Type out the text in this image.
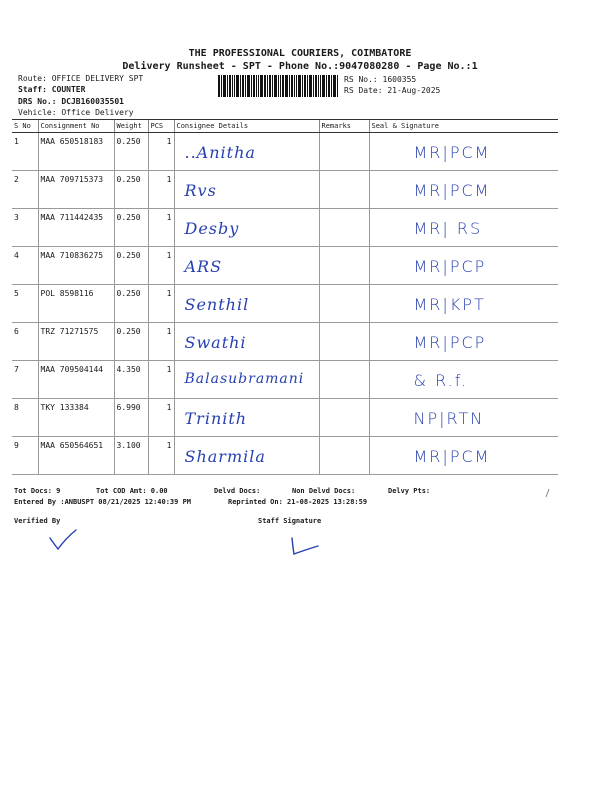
THE PROFESSIONAL COURIERS, COIMBATORE
Delivery Runsheet - SPT - Phone No.:9047080280 - Page No.:1
Route: OFFICE DELIVERY SPT
Staff: COUNTER
DRS No.: DCJB160035501
Vehicle: Office Delivery
RS No.: 1600355
RS Date: 21-Aug-2025
S No	Consignment No	Weight	PCS	Consignee Details	Remarks	Seal & Signature
1	MAA 650518183	0.250	1	..Anitha		MR|PCM

2	MAA 709715373	0.250	1	Rvs		MR|PCM

3	MAA 711442435	0.250	1	Desby		MR| RS

4	MAA 710836275	0.250	1	ARS		MR|PCP

5	POL 8598116	0.250	1	Senthil		MR|KPT

6	TRZ 71271575	0.250	1	Swathi		MR|PCP

7	MAA 709504144	4.350	1	Balasubramani		& R.f.

8	TKY 133384	6.990	1	Trinith		NP|RTN

9	MAA 650564651	3.100	1	Sharmila		MR|PCM
Tot Docs: 9	Tot COD Amt: 0.00	Delvd Docs:	Non Delvd Docs:	Delvy Pts:
Entered By :ANBUSPT 08/21/2025 12:40:39 PM	Reprinted On: 21-08-2025 13:28:59
Verified By	Staff Signature
